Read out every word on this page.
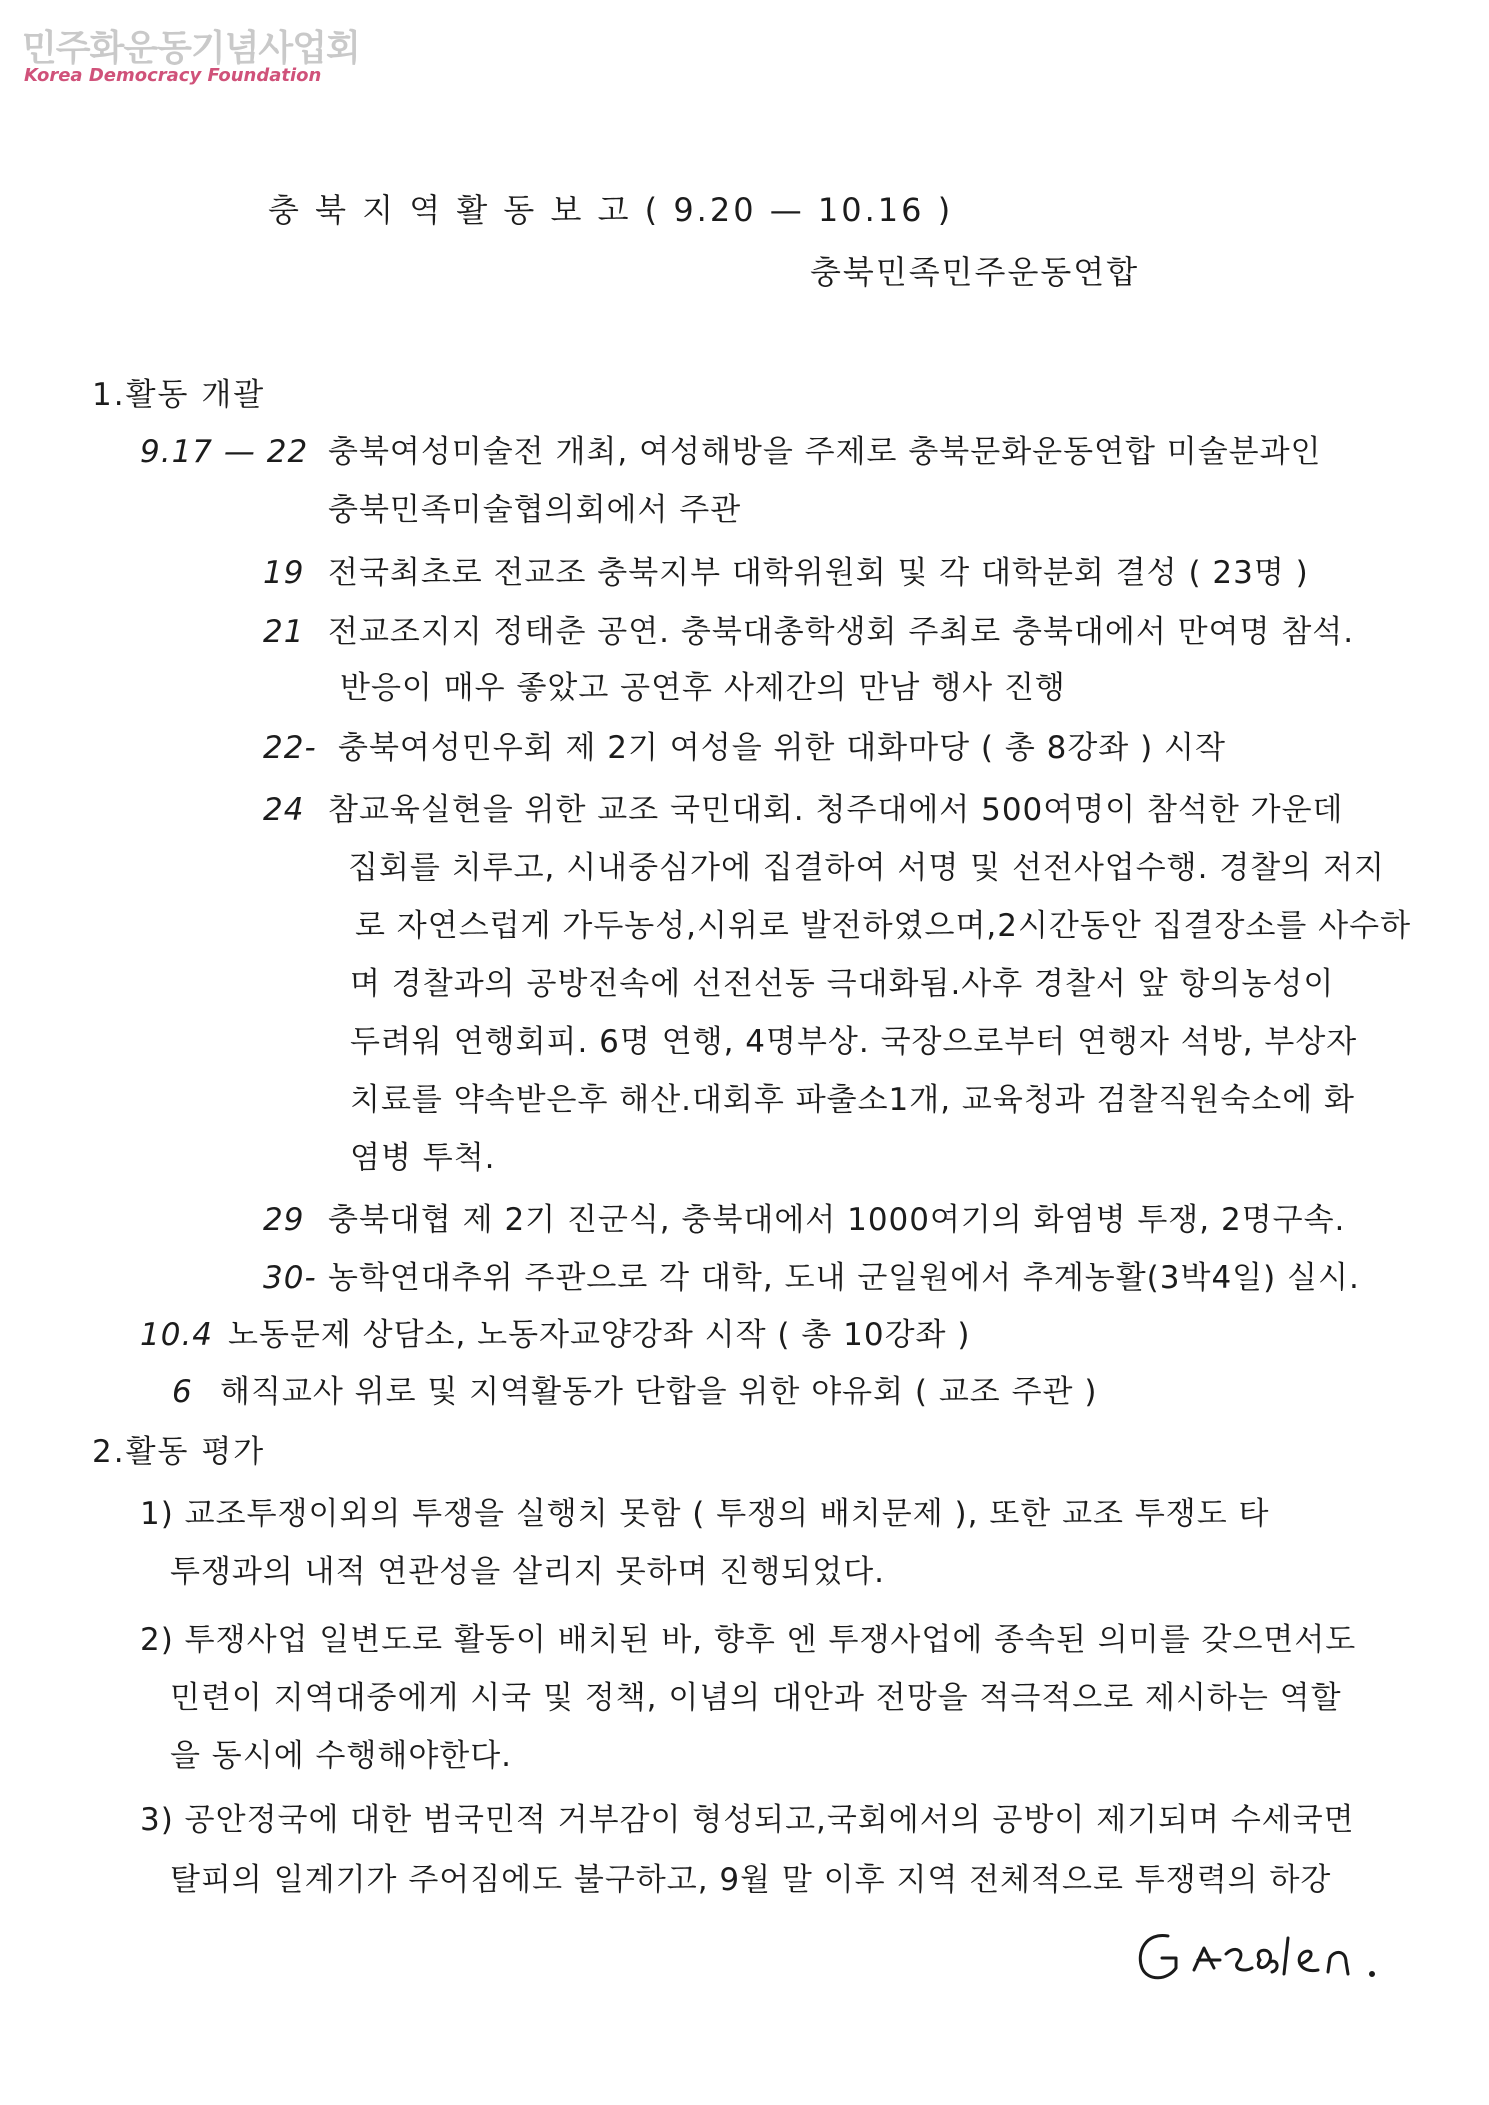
민주화운동기념사업회
Korea Democracy Foundation
충 북 지 역 활 동 보 고 ( 9.20 — 10.16 )
충북민족민주운동연합
1.활동 개괄
9.17 — 22 충북여성미술전 개최, 여성해방을 주제로 충북문화운동연합 미술분과인
충북민족미술협의회에서 주관
19 전국최초로 전교조 충북지부 대학위원회 및 각 대학분회 결성 ( 23명 )
21 전교조지지 정태춘 공연. 충북대총학생회 주최로 충북대에서 만여명 참석.
반응이 매우 좋았고 공연후 사제간의 만남 행사 진행
22- 충북여성민우회 제 2기 여성을 위한 대화마당 ( 총 8강좌 ) 시작
24 참교육실현을 위한 교조 국민대회. 청주대에서 500여명이 참석한 가운데
집회를 치루고, 시내중심가에 집결하여 서명 및 선전사업수행. 경찰의 저지
로 자연스럽게 가두농성,시위로 발전하였으며,2시간동안 집결장소를 사수하
며 경찰과의 공방전속에 선전선동 극대화됨.사후 경찰서 앞 항의농성이
두려워 연행회피. 6명 연행, 4명부상. 국장으로부터 연행자 석방, 부상자
치료를 약속받은후 해산.대회후 파출소1개, 교육청과 검찰직원숙소에 화
염병 투척.
29 충북대협 제 2기 진군식, 충북대에서 1000여기의 화염병 투쟁, 2명구속.
30- 농학연대추위 주관으로 각 대학, 도내 군일원에서 추계농활(3박4일) 실시.
10.4 노동문제 상담소, 노동자교양강좌 시작 ( 총 10강좌 )
6 해직교사 위로 및 지역활동가 단합을 위한 야유회 ( 교조 주관 )
2.활동 평가
1) 교조투쟁이외의 투쟁을 실행치 못함 ( 투쟁의 배치문제 ), 또한 교조 투쟁도 타
투쟁과의 내적 연관성을 살리지 못하며 진행되었다.
2) 투쟁사업 일변도로 활동이 배치된 바, 향후 엔 투쟁사업에 종속된 의미를 갖으면서도
민련이 지역대중에게 시국 및 정책, 이념의 대안과 전망을 적극적으로 제시하는 역할
을 동시에 수행해야한다.
3) 공안정국에 대한 범국민적 거부감이 형성되고,국회에서의 공방이 제기되며 수세국면
탈피의 일계기가 주어짐에도 불구하고, 9월 말 이후 지역 전체적으로 투쟁력의 하강
